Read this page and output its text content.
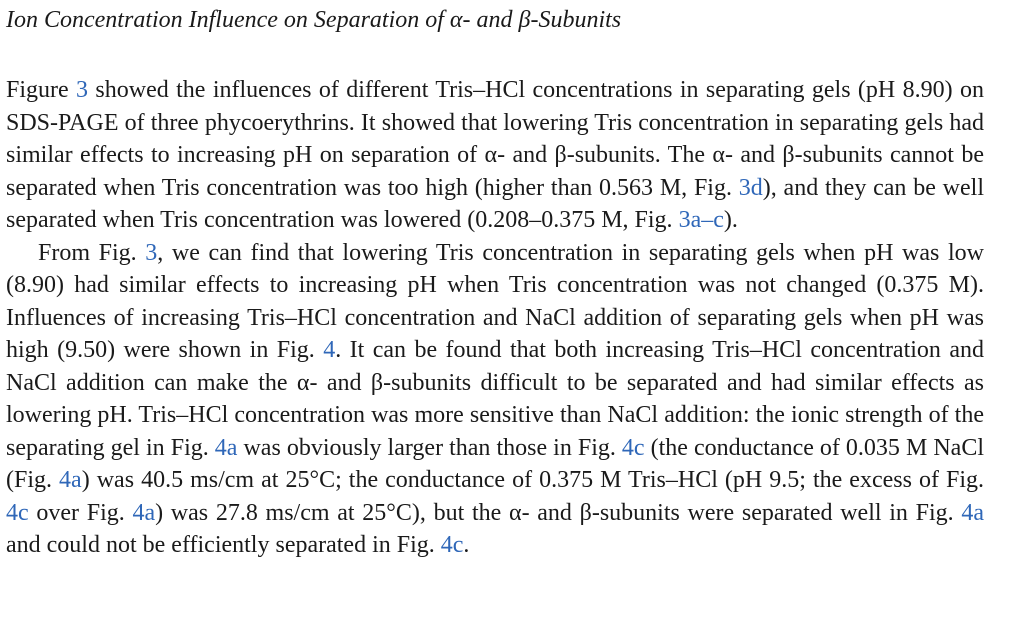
Ion Concentration Influence on Separation of α- and β-Subunits

Figure 3 showed the influences of different Tris–HCl concentrations in separating gels (pH 8.90) on SDS-PAGE of three phycoerythrins. It showed that lowering Tris concentration in separating gels had similar effects to increasing pH on separation of α- and β-subunits. The α- and β-subunits cannot be separated when Tris concentration was too high (higher than 0.563 M, Fig. 3d), and they can be well separated when Tris concentration was lowered (0.208–0.375 M, Fig. 3a–c).

From Fig. 3, we can find that lowering Tris concentration in separating gels when pH was low (8.90) had similar effects to increasing pH when Tris concentration was not changed (0.375 M). Influences of increasing Tris–HCl concentration and NaCl addition of separating gels when pH was high (9.50) were shown in Fig. 4. It can be found that both increasing Tris–HCl concentration and NaCl addition can make the α- and β-subunits difficult to be separated and had similar effects as lowering pH. Tris–HCl concentration was more sensitive than NaCl addition: the ionic strength of the separating gel in Fig. 4a was obviously larger than those in Fig. 4c (the conductance of 0.035 M NaCl (Fig. 4a) was 40.5 ms/cm at 25°C; the conductance of 0.375 M Tris–HCl (pH 9.5; the excess of Fig. 4c over Fig. 4a) was 27.8 ms/cm at 25°C), but the α- and β-subunits were separated well in Fig. 4a and could not be efficiently separated in Fig. 4c.
